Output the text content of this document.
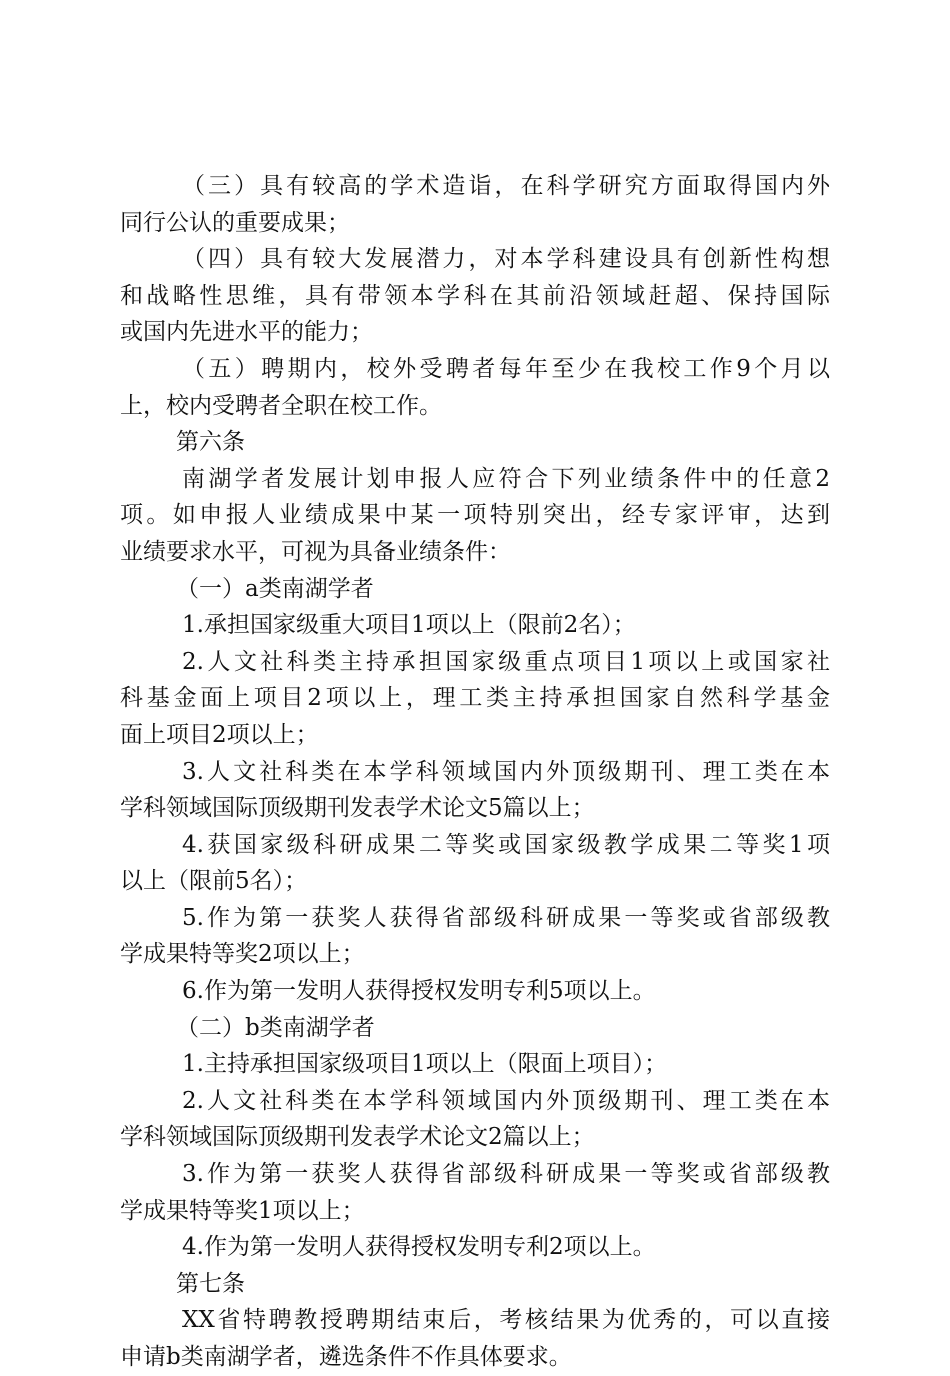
（三）具有较高的学术造诣，在科学研究方面取得国内外
同行公认的重要成果；
（四）具有较大发展潜力，对本学科建设具有创新性构想
和战略性思维，具有带领本学科在其前沿领域赶超、保持国际
或国内先进水平的能力；
（五）聘期内，校外受聘者每年至少在我校工作9个月以
上，校内受聘者全职在校工作。
第六条
南湖学者发展计划申报人应符合下列业绩条件中的任意2
项。如申报人业绩成果中某一项特别突出，经专家评审，达到
业绩要求水平，可视为具备业绩条件：
（一）a类南湖学者
1.承担国家级重大项目1项以上（限前2名）；
2.人文社科类主持承担国家级重点项目1项以上或国家社
科基金面上项目2项以上，理工类主持承担国家自然科学基金
面上项目2项以上；
3.人文社科类在本学科领域国内外顶级期刊、理工类在本
学科领域国际顶级期刊发表学术论文5篇以上；
4.获国家级科研成果二等奖或国家级教学成果二等奖1项
以上（限前5名）；
5.作为第一获奖人获得省部级科研成果一等奖或省部级教
学成果特等奖2项以上；
6.作为第一发明人获得授权发明专利5项以上。
（二）b类南湖学者
1.主持承担国家级项目1项以上（限面上项目）；
2.人文社科类在本学科领域国内外顶级期刊、理工类在本
学科领域国际顶级期刊发表学术论文2篇以上；
3.作为第一获奖人获得省部级科研成果一等奖或省部级教
学成果特等奖1项以上；
4.作为第一发明人获得授权发明专利2项以上。
第七条
XX省特聘教授聘期结束后，考核结果为优秀的，可以直接
申请b类南湖学者，遴选条件不作具体要求。
